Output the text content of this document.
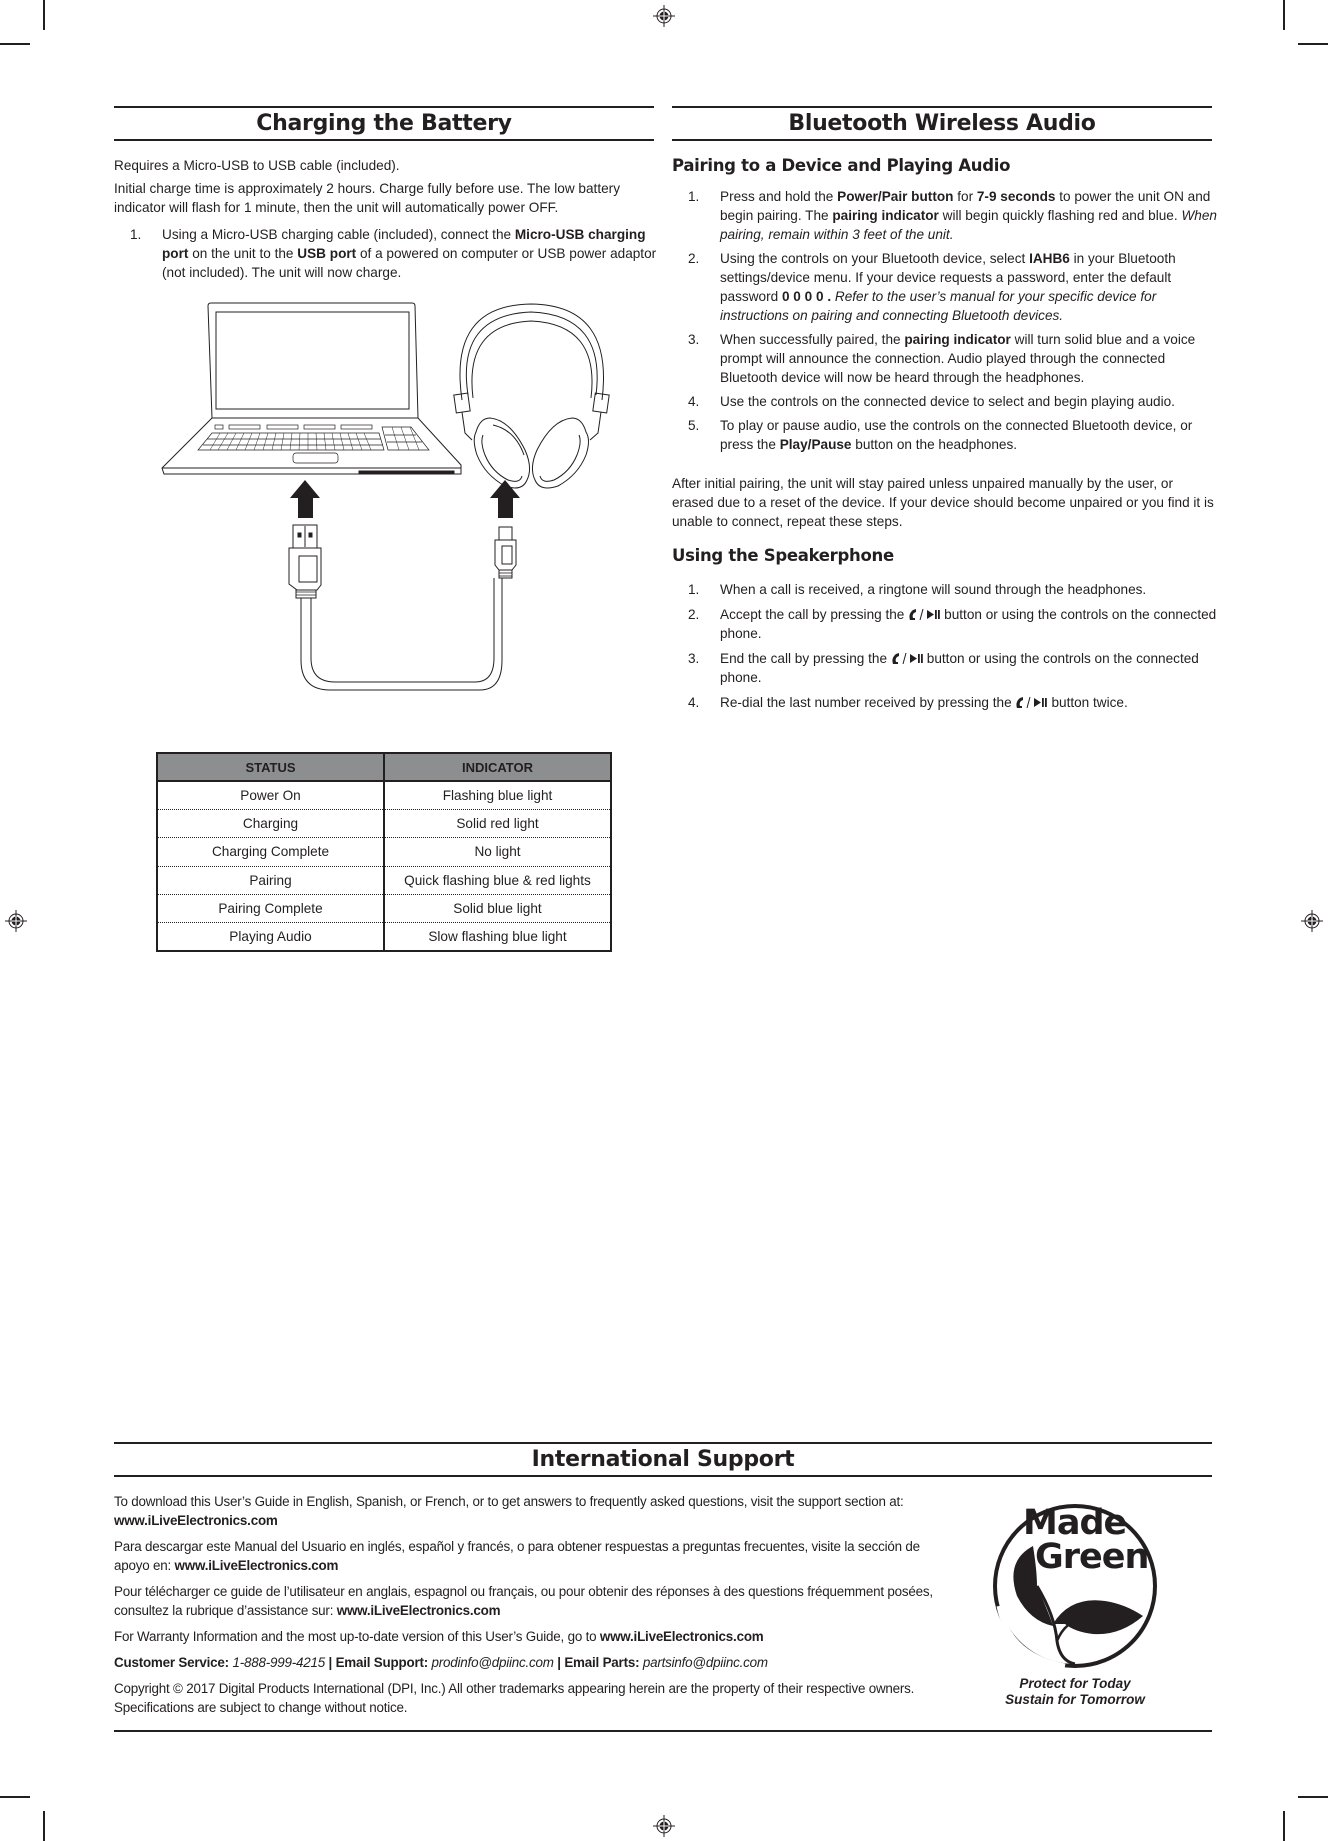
Charging the Battery
Requires a Micro-USB to USB cable (included).
Initial charge time is approximately 2 hours. Charge fully before use. The low battery indicator will flash for 1 minute, then the unit will automatically power OFF.
1. Using a Micro-USB charging cable (included), connect the Micro-USB charging port on the unit to the USB port of a powered on computer or USB power adaptor (not included). The unit will now charge.
STATUS	INDICATOR
Power On	Flashing blue light
Charging	Solid red light
Charging Complete	No light
Pairing	Quick flashing blue & red lights
Pairing Complete	Solid blue light
Playing Audio	Slow flashing blue light
Bluetooth Wireless Audio
Pairing to a Device and Playing Audio
1. Press and hold the Power/Pair button for 7-9 seconds to power the unit ON and begin pairing. The pairing indicator will begin quickly flashing red and blue. When pairing, remain within 3 feet of the unit.
2. Using the controls on your Bluetooth device, select IAHB6 in your Bluetooth settings/device menu. If your device requests a password, enter the default password 0 0 0 0 . Refer to the user’s manual for your specific device for instructions on pairing and connecting Bluetooth devices.
3. When successfully paired, the pairing indicator will turn solid blue and a voice prompt will announce the connection. Audio played through the connected Bluetooth device will now be heard through the headphones.
4. Use the controls on the connected device to select and begin playing audio.
5. To play or pause audio, use the controls on the connected Bluetooth device, or press the Play/Pause button on the headphones.
After initial pairing, the unit will stay paired unless unpaired manually by the user, or erased due to a reset of the device. If your device should become unpaired or you find it is unable to connect, repeat these steps.
Using the Speakerphone
1. When a call is received, a ringtone will sound through the headphones.
2. Accept the call by pressing the	button or using the controls on the connected phone.
3. End the call by pressing the	button or using the controls on the connected phone.
4. Re-dial the last number received by pressing the	button twice.
International Support

To download this User’s Guide in English, Spanish, or French, or to get answers to frequently asked questions, visit the support section at: www.iLiveElectronics.com

Para descargar este Manual del Usuario en inglés, español y francés, o para obtener respuestas a preguntas frecuentes, visite la sección de apoyo en: www.iLiveElectronics.com

Pour télécharger ce guide de l’utilisateur en anglais, espagnol ou français, ou pour obtenir des réponses à des questions fréquemment posées, consultez la rubrique d’assistance sur: www.iLiveElectronics.com

For Warranty Information and the most up-to-date version of this User’s Guide, go to www.iLiveElectronics.com

Customer Service: 1-888-999-4215 | Email Support: prodinfo@dpiinc.com | Email Parts: partsinfo@dpiinc.com

Copyright © 2017 Digital Products International (DPI, Inc.) All other trademarks appearing herein are the property of their respective owners. Specifications are subject to change without notice.

Made
Green
Protect for Today
Sustain for Tomorrow
